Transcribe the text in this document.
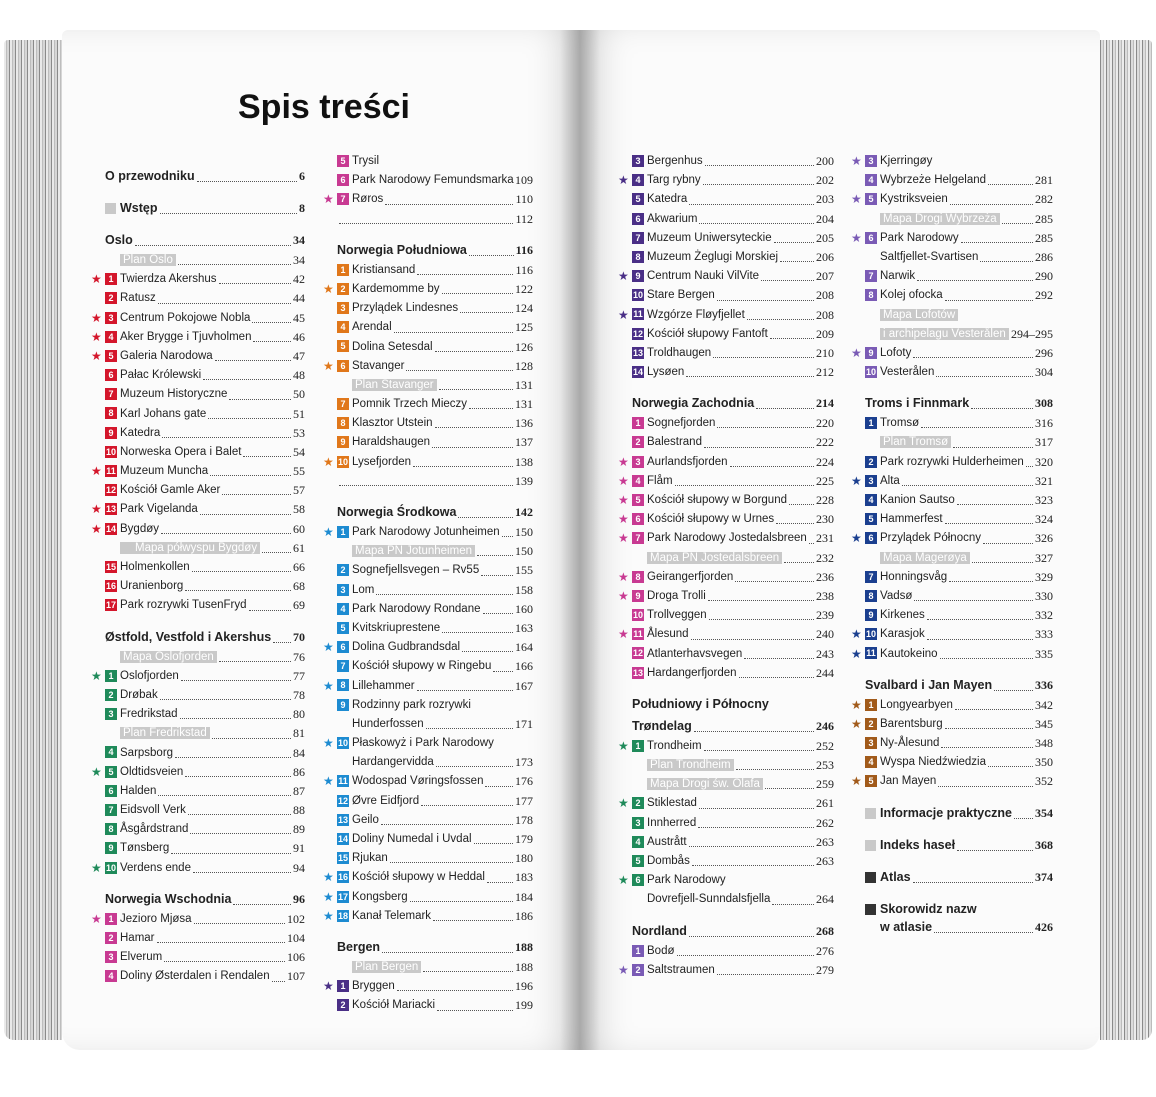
Spis treści
O przewodniku	6
Wstęp	8
Oslo	34
Plan Oslo	34
★ 1 Twierdza Akershus	42
2 Ratusz	44
★ 3 Centrum Pokojowe Nobla	45
★ 4 Aker Brygge i Tjuvholmen	46
★ 5 Galeria Narodowa	47
6 Pałac Królewski	48
7 Muzeum Historyczne	50
8 Karl Johans gate	51
9 Katedra	53
10 Norweska Opera i Balet	54
★ 11 Muzeum Muncha	55
12 Kościół Gamle Aker	57
★ 13 Park Vigelanda	58
★ 14 Bygdøy	60
Mapa półwyspu Bygdøy	61
15 Holmenkollen	66
16 Uranienborg	68
17 Park rozrywki TusenFryd	69
Østfold, Vestfold i Akershus 70
Mapa Oslofjorden	76
★ 1 Oslofjorden	77
2 Drøbak	78
3 Fredrikstad	80
Plan Fredrikstad	81
4 Sarpsborg	84
★ 5 Oldtidsveien	86
6 Halden	87
7 Eidsvoll Verk	88
8 Åsgårdstrand	89
9 Tønsberg	91
★ 10 Verdens ende	94
Norwegia Wschodnia	96
★ 1 Jezioro Mjøsa	102
2 Hamar	104
3 Elverum	106
4 Doliny Østerdalen i Rendalen 107
5 Trysil
6 Park Narodowy Femundsmarka 109
★ 7 Røros	110
112
Norwegia Południowa	116
1 Kristiansand	116
★ 2 Kardemomme by	122
3 Przylądek Lindesnes	124
4 Arendal	125
5 Dolina Setesdal	126
★ 6 Stavanger	128
Plan Stavanger	131
7 Pomnik Trzech Mieczy	131
8 Klasztor Utstein	136
9 Haraldshaugen	137
★ 10 Lysefjorden	138
139
Norwegia Środkowa	142
★ 1 Park Narodowy Jotunheimen 150
Mapa PN Jotunheimen	150
2 Sognefjellsvegen – Rv55	155
3 Lom	158
4 Park Narodowy Rondane	160
5 Kvitskriuprestene	163
★ 6 Dolina Gudbrandsdal	164
7 Kościół słupowy w Ringebu 166
★ 8 Lillehammer	167
9 Rodzinny park rozrywki
Hunderfossen	171
★ 10 Płaskowyż i Park Narodowy
Hardangervidda	173
★ 11 Wodospad Vøringsfossen	176
12 Øvre Eidfjord	177
13 Geilo	178
14 Doliny Numedal i Uvdal	179
15 Rjukan	180
★ 16 Kościół słupowy w Heddal	183
★ 17 Kongsberg	184
★ 18 Kanał Telemark	186
Bergen	188
Plan Bergen	188
★ 1 Bryggen	196
2 Kościół Mariacki	199
3 Bergenhus	200
★ 4 Targ rybny	202
5 Katedra	203
6 Akwarium	204
7 Muzeum Uniwersyteckie	205
8 Muzeum Żeglugi Morskiej	206
★ 9 Centrum Nauki VilVite	207
10 Stare Bergen	208
★ 11 Wzgórze Fløyfjellet	208
12 Kościół słupowy Fantoft	209
13 Troldhaugen	210
14 Lysøen	212
Norwegia Zachodnia	214
1 Sognefjorden	220
2 Balestrand	222
★ 3 Aurlandsfjorden	224
★ 4 Flåm	225
★ 5 Kościół słupowy w Borgund 228
★ 6 Kościół słupowy w Urnes	230
★ 7 Park Narodowy Jostedalsbreen 231
Mapa PN Jostedalsbreen	232
★ 8 Geirangerfjorden	236
★ 9 Droga Trolli	238
10 Trollveggen	239
★ 11 Ålesund	240
12 Atlanterhavsvegen	243
13 Hardangerfjorden	244
Południowy i Północny
Trøndelag	246
★ 1 Trondheim	252
Plan Trondheim	253
Mapa Drogi św. Olafa	259
★ 2 Stiklestad	261
3 Innherred	262
4 Austrått	263
5 Dombås	263
★ 6 Park Narodowy
Dovrefjell-Sunndalsfjella	264
Nordland	268
1 Bodø	276
★ 2 Saltstraumen	279
★ 3 Kjerringøy
4 Wybrzeże Helgeland	281
★ 5 Kystriksveien	282
Mapa Drogi Wybrzeża	285
★ 6 Park Narodowy	285
Saltfjellet-Svartisen	286
7 Narwik	290
8 Kolej ofocka	292
Mapa Lofotów
i archipelagu Vesterålen 294–295
★ 9 Lofoty	296
10 Vesterålen	304
Troms i Finnmark	308
1 Tromsø	316
Plan Tromsø	317
2 Park rozrywki Hulderheimen 320
★ 3 Alta	321
4 Kanion Sautso	323
5 Hammerfest	324
★ 6 Przylądek Północny	326
Mapa Magerøya	327
7 Honningsvåg	329
8 Vadsø	330
9 Kirkenes	332
★ 10 Karasjok	333
★ 11 Kautokeino	335
Svalbard i Jan Mayen	336
★ 1 Longyearbyen	342
★ 2 Barentsburg	345
3 Ny-Ålesund	348
4 Wyspa Niedźwiedzia	350
★ 5 Jan Mayen	352
Informacje praktyczne 354
Indeks haseł	368
Atlas	374
Skorowidz nazw
w atlasie	426
